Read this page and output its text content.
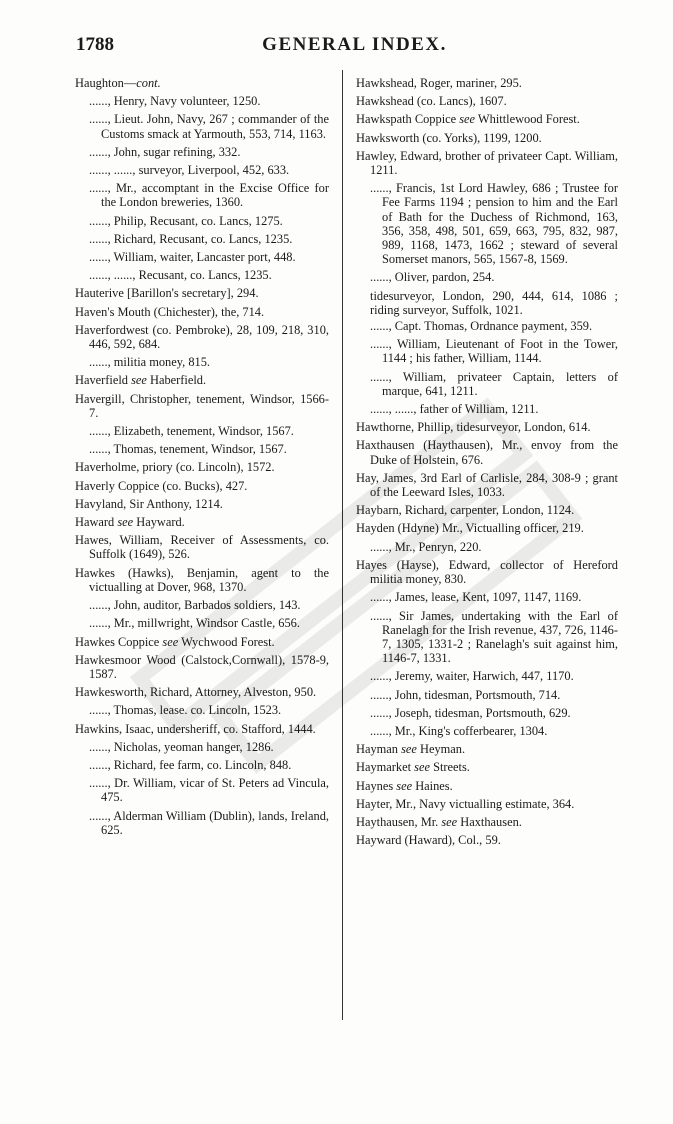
1788	GENERAL INDEX.
Haughton—cont.
......, Henry, Navy volunteer, 1250.
......, Lieut. John, Navy, 267 ; commander of the Customs smack at Yarmouth, 553, 714, 1163.
......, John, sugar refining, 332.
......, ......, surveyor, Liverpool, 452, 633.
......, Mr., accomptant in the Excise Office for the London breweries, 1360.
......, Philip, Recusant, co. Lancs, 1275.
......, Richard, Recusant, co. Lancs, 1235.
......, William, waiter, Lancaster port, 448.
......, ......, Recusant, co. Lancs, 1235.
Hauterive [Barillon's secretary], 294.
Haven's Mouth (Chichester), the, 714.
Haverfordwest (co. Pembroke), 28, 109, 218, 310, 446, 592, 684.
......, militia money, 815.
Haverfield see Haberfield.
Havergill, Christopher, tenement, Windsor, 1566-7.
......, Elizabeth, tenement, Windsor, 1567.
......, Thomas, tenement, Windsor, 1567.
Haverholme, priory (co. Lincoln), 1572.
Haverly Coppice (co. Bucks), 427.
Havyland, Sir Anthony, 1214.
Haward see Hayward.
Hawes, William, Receiver of Assessments, co. Suffolk (1649), 526.
Hawkes (Hawks), Benjamin, agent to the victualling at Dover, 968, 1370.
......, John, auditor, Barbados soldiers, 143.
......, Mr., millwright, Windsor Castle, 656.
Hawkes Coppice see Wychwood Forest.
Hawkesmoor Wood (Calstock,Cornwall), 1578-9, 1587.
Hawkesworth, Richard, Attorney, Alveston, 950.
......, Thomas, lease. co. Lincoln, 1523.
Hawkins, Isaac, undersheriff, co. Stafford, 1444.
......, Nicholas, yeoman hanger, 1286.
......, Richard, fee farm, co. Lincoln, 848.
......, Dr. William, vicar of St. Peters ad Vincula, 475.
......, Alderman William (Dublin), lands, Ireland, 625.
Hawkshead, Roger, mariner, 295.
Hawkshead (co. Lancs), 1607.
Hawkspath Coppice see Whittlewood Forest.
Hawksworth (co. Yorks), 1199, 1200.
Hawley, Edward, brother of privateer Capt. William, 1211.
......, Francis, 1st Lord Hawley, 686 ; Trustee for Fee Farms 1194 ; pension to him and the Earl of Bath for the Duchess of Richmond, 163, 356, 358, 498, 501, 659, 663, 795, 832, 987, 989, 1168, 1473, 1662 ; steward of several Somerset manors, 565, 1567-8, 1569.
......, Oliver, pardon, 254.
tidesurveyor, London, 290, 444, 614, 1086 ; riding surveyor, Suffolk, 1021.
......, Capt. Thomas, Ordnance payment, 359.
......, William, Lieutenant of Foot in the Tower, 1144 ; his father, William, 1144.
......, William, privateer Captain, letters of marque, 641, 1211.
......, ......, father of William, 1211.
Hawthorne, Phillip, tidesurveyor, London, 614.
Haxthausen (Haythausen), Mr., envoy from the Duke of Holstein, 676.
Hay, James, 3rd Earl of Carlisle, 284, 308-9 ; grant of the Leeward Isles, 1033.
Haybarn, Richard, carpenter, London, 1124.
Hayden (Hdyne) Mr., Victualling officer, 219.
......, Mr., Penryn, 220.
Hayes (Hayse), Edward, collector of Hereford militia money, 830.
......, James, lease, Kent, 1097, 1147, 1169.
......, Sir James, undertaking with the Earl of Ranelagh for the Irish revenue, 437, 726, 1146-7, 1305, 1331-2 ; Ranelagh's suit against him, 1146-7, 1331.
......, Jeremy, waiter, Harwich, 447, 1170.
......, John, tidesman, Portsmouth, 714.
......, Joseph, tidesman, Portsmouth, 629.
......, Mr., King's cofferbearer, 1304.
Hayman see Heyman.
Haymarket see Streets.
Haynes see Haines.
Hayter, Mr., Navy victualling estimate, 364.
Haythausen, Mr. see Haxthausen.
Hayward (Haward), Col., 59.
